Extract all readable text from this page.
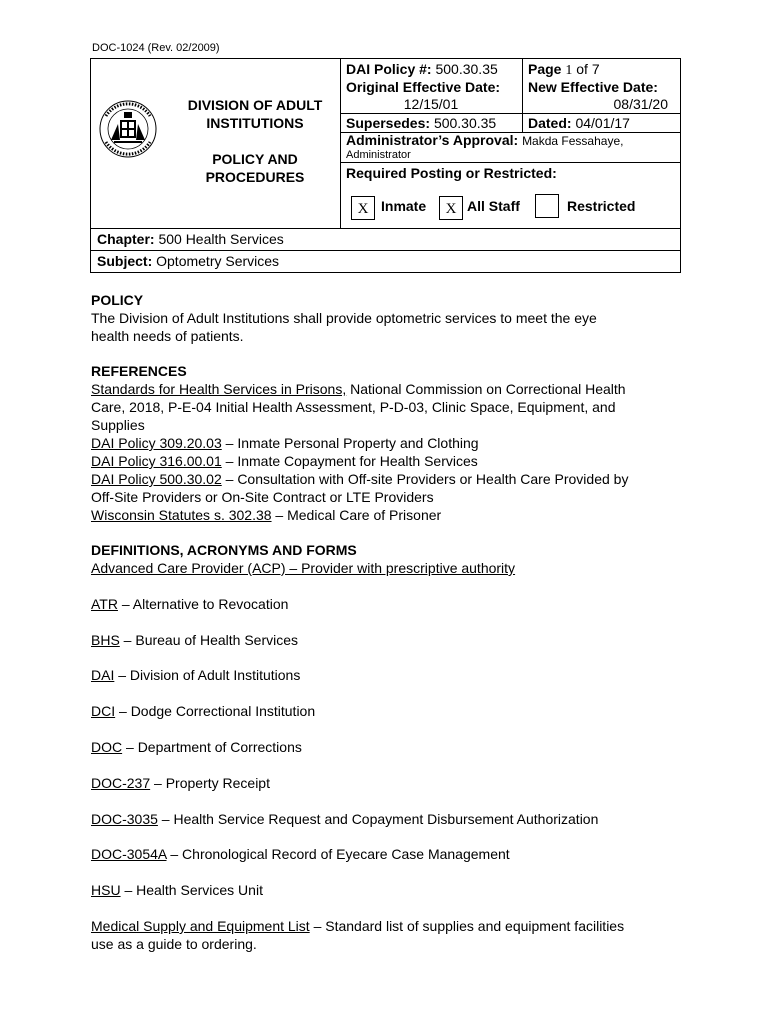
DOC-1024 (Rev. 02/2009)
DIVISION OF ADULT
INSTITUTIONS
POLICY AND
PROCEDURES
DAI Policy #: 500.30.35 Page 1 of 7
Original Effective Date:
12/15/01
New Effective Date:
08/31/20
Supersedes: 500.30.35 Dated: 04/01/17
Administrator’s Approval: Makda Fessahaye,
Administrator
Required Posting or Restricted:
X Inmate	X All Staff	Restricted
Chapter: 500 Health Services
Subject: Optometry Services
POLICY
The Division of Adult Institutions shall provide optometric services to meet the eye
health needs of patients.
REFERENCES
Standards for Health Services in Prisons, National Commission on Correctional Health
Care, 2018, P-E-04 Initial Health Assessment, P-D-03, Clinic Space, Equipment, and
Supplies
DAI Policy 309.20.03 – Inmate Personal Property and Clothing
DAI Policy 316.00.01 – Inmate Copayment for Health Services
DAI Policy 500.30.02 – Consultation with Off-site Providers or Health Care Provided by
Off-Site Providers or On-Site Contract or LTE Providers
Wisconsin Statutes s. 302.38 – Medical Care of Prisoner
DEFINITIONS, ACRONYMS AND FORMS
Advanced Care Provider (ACP) – Provider with prescriptive authority
ATR – Alternative to Revocation
BHS – Bureau of Health Services
DAI – Division of Adult Institutions
DCI – Dodge Correctional Institution
DOC – Department of Corrections
DOC-237 – Property Receipt
DOC-3035 – Health Service Request and Copayment Disbursement Authorization
DOC-3054A – Chronological Record of Eyecare Case Management
HSU – Health Services Unit
Medical Supply and Equipment List – Standard list of supplies and equipment facilities
use as a guide to ordering.
